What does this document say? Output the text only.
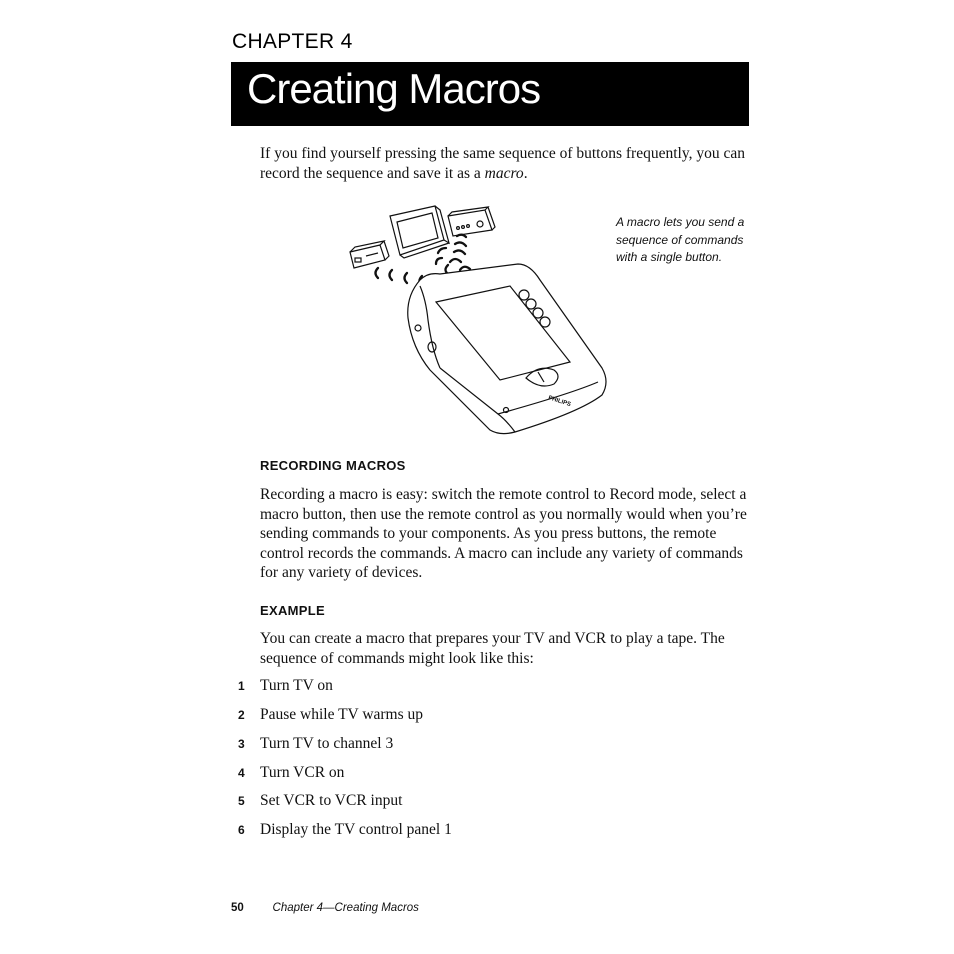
CHAPTER 4
Creating Macros

If you find yourself pressing the same sequence of buttons frequently, you can record the sequence and save it as a macro.

PHILIPS
A macro lets you send a sequence of commands with a single button.
RECORDING MACROS

Recording a macro is easy: switch the remote control to Record mode, select a macro button, then use the remote control as you normally would when you’re sending commands to your components. As you press buttons, the remote control records the commands. A macro can include any variety of commands for any variety of devices.

EXAMPLE

You can create a macro that prepares your TV and VCR to play a tape. The sequence of commands might look like this:

1 Turn TV on
2 Pause while TV warms up
3 Turn TV to channel 3
4 Turn VCR on
5 Set VCR to VCR input
6 Display the TV control panel 1
50	Chapter 4—Creating Macros
